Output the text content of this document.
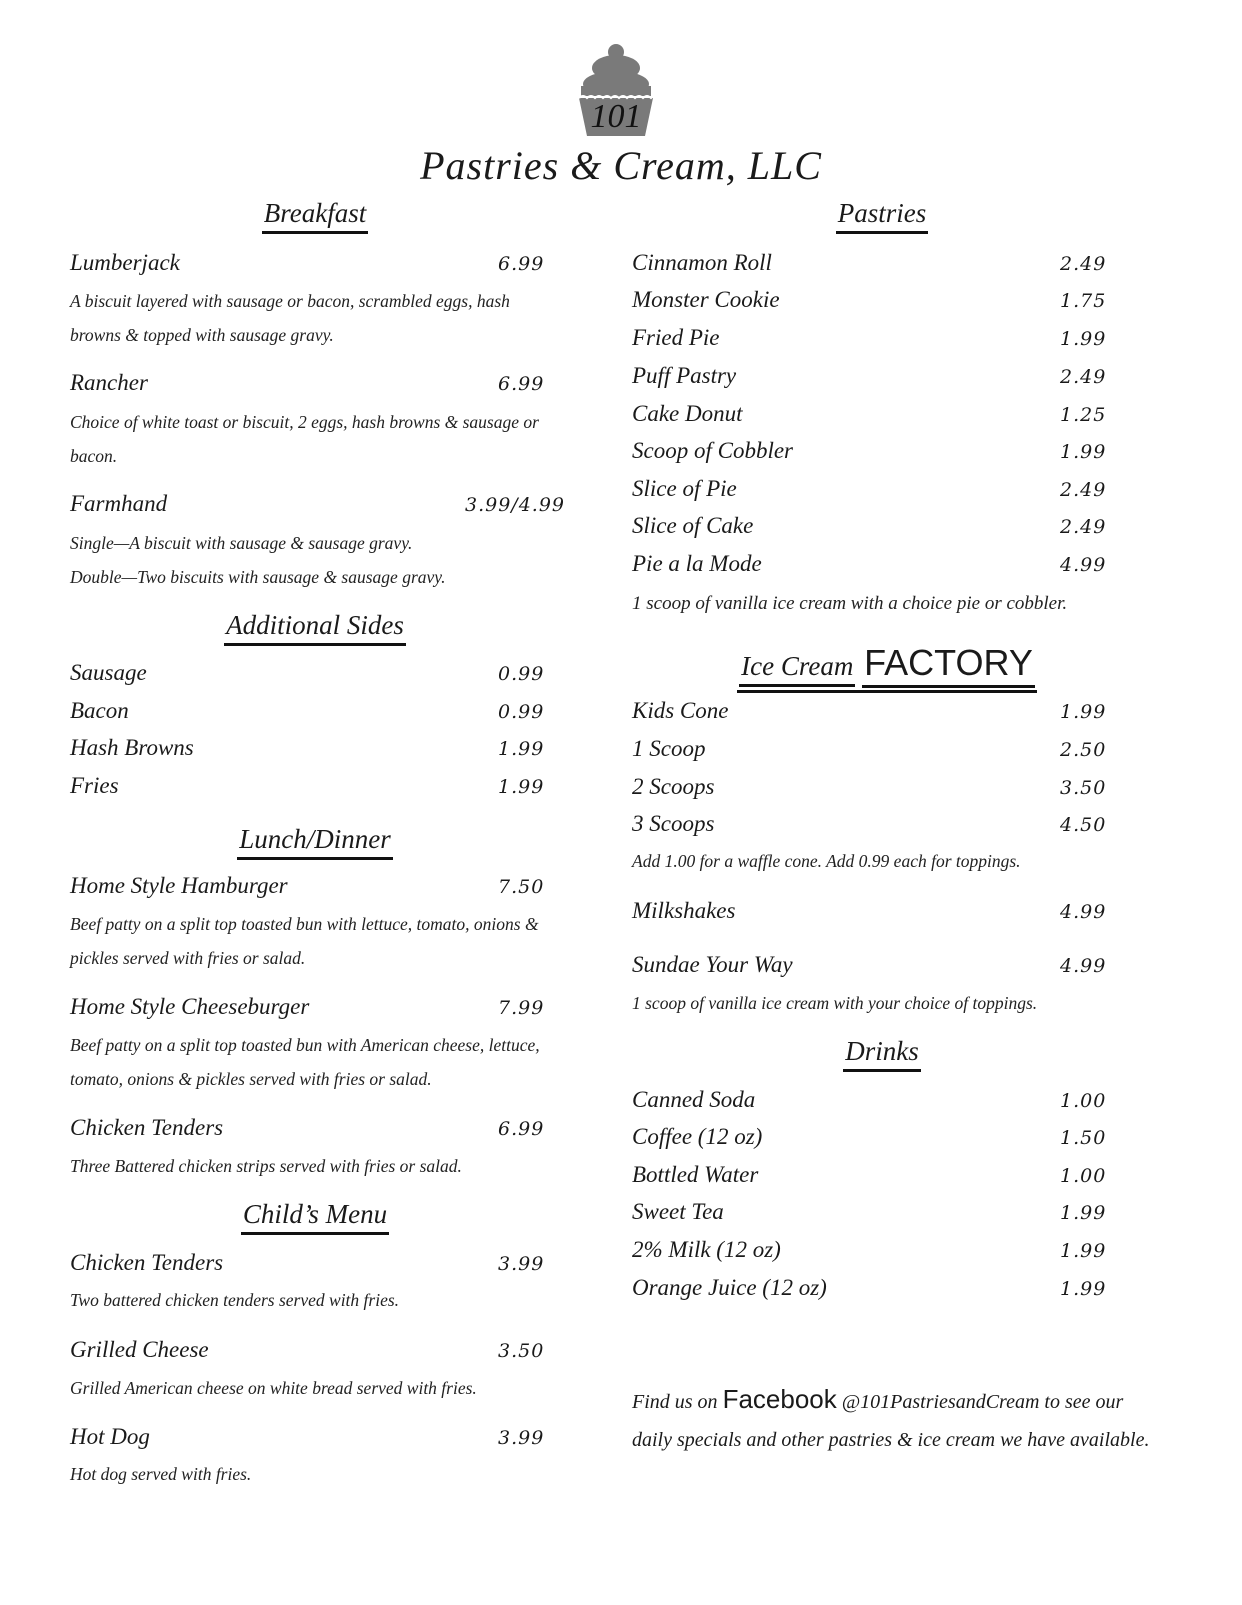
101
Pastries & Cream, LLC
Breakfast
Lumberjack	6.99
A biscuit layered with sausage or bacon, scrambled eggs, hash browns & topped with sausage gravy.
Rancher	6.99
Choice of white toast or biscuit, 2 eggs, hash browns & sausage or bacon.
Farmhand	3.99/4.99
Single—A biscuit with sausage & sausage gravy.
Double—Two biscuits with sausage & sausage gravy.
Additional Sides
Sausage	0.99
Bacon	0.99
Hash Browns	1.99
Fries	1.99
Lunch/Dinner
Home Style Hamburger	7.50
Beef patty on a split top toasted bun with lettuce, tomato, onions & pickles served with fries or salad.
Home Style Cheeseburger	7.99
Beef patty on a split top toasted bun with American cheese, lettuce, tomato, onions & pickles served with fries or salad.
Chicken Tenders	6.99
Three Battered chicken strips served with fries or salad.
Child’s Menu
Chicken Tenders	3.99
Two battered chicken tenders served with fries.
Grilled Cheese	3.50
Grilled American cheese on white bread served with fries.
Hot Dog	3.99
Hot dog served with fries.
Pastries
Cinnamon Roll	2.49
Monster Cookie	1.75
Fried Pie	1.99
Puff Pastry	2.49
Cake Donut	1.25
Scoop of Cobbler	1.99
Slice of Pie	2.49
Slice of Cake	2.49
Pie a la Mode	4.99
1 scoop of vanilla ice cream with a choice pie or cobbler.
Ice Cream FACTORY
Kids Cone	1.99
1 Scoop	2.50
2 Scoops	3.50
3 Scoops	4.50
Add 1.00 for a waffle cone. Add 0.99 each for toppings.
Milkshakes	4.99
Sundae Your Way	4.99
1 scoop of vanilla ice cream with your choice of toppings.
Drinks
Canned Soda	1.00
Coffee (12 oz)	1.50
Bottled Water	1.00
Sweet Tea	1.99
2% Milk (12 oz)	1.99
Orange Juice (12 oz)	1.99
Find us on Facebook @101PastriesandCream to see our daily specials and other pastries & ice cream we have available.
